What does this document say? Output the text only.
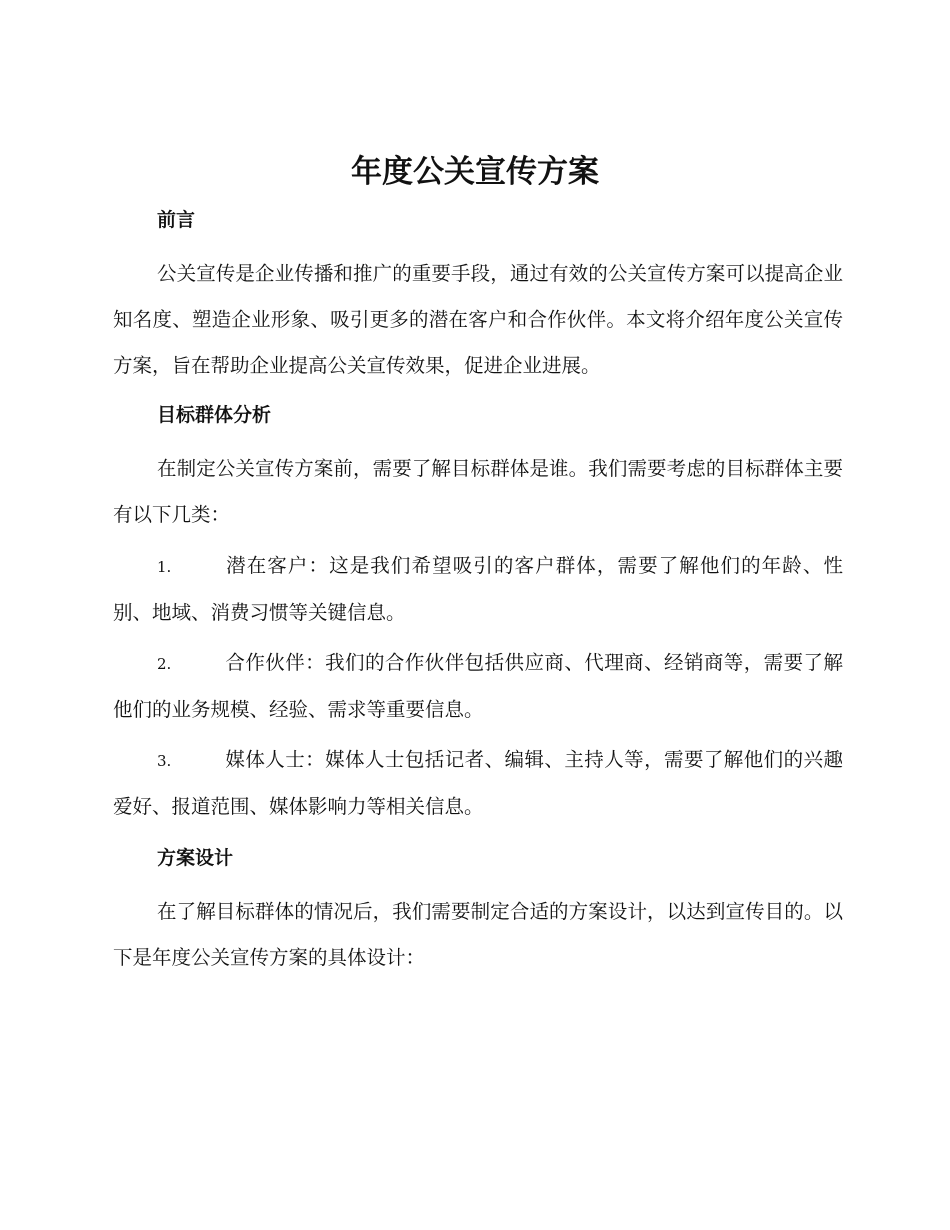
年度公关宣传方案
前言

公关宣传是企业传播和推广的重要手段，通过有效的公关宣传方案可以提高企业知名度、塑造企业形象、吸引更多的潜在客户和合作伙伴。本文将介绍年度公关宣传方案，旨在帮助企业提高公关宣传效果，促进企业进展。

目标群体分析

在制定公关宣传方案前，需要了解目标群体是谁。我们需要考虑的目标群体主要有以下几类：

1.	潜在客户：这是我们希望吸引的客户群体，需要了解他们的年龄、性别、地域、消费习惯等关键信息。
2.	合作伙伴：我们的合作伙伴包括供应商、代理商、经销商等，需要了解他们的业务规模、经验、需求等重要信息。
3.	媒体人士：媒体人士包括记者、编辑、主持人等，需要了解他们的兴趣爱好、报道范围、媒体影响力等相关信息。
方案设计

在了解目标群体的情况后，我们需要制定合适的方案设计，以达到宣传目的。以下是年度公关宣传方案的具体设计：
